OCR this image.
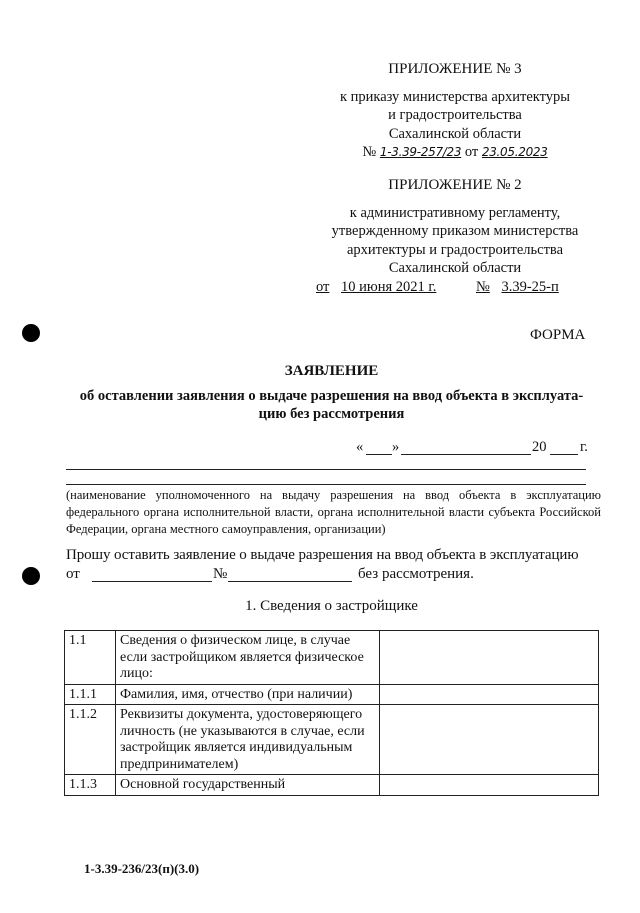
ПРИЛОЖЕНИЕ № 3
к приказу министерства архитектуры
и градостроительства
Сахалинской области
№ 1-3.39-257/23 от 23.05.2023
ПРИЛОЖЕНИЕ № 2
к административному регламенту,
утвержденному приказом министерства
архитектуры и градостроительства
Сахалинской области
от 10 июня 2021 г.	№ 3.39-25-п
ФОРМА
ЗАЯВЛЕНИЕ
об оставлении заявления о выдаче разрешения на ввод объекта в эксплуата-
цию без рассмотрения
« »	20 г.
(наименование уполномоченного на выдачу разрешения на ввод объекта в эксплуатацию федерального органа исполнительной власти, органа исполнительной власти субъекта Российской Федерации, органа местного самоуправления, организации)
Прошу оставить заявление о выдаче разрешения на ввод объекта в эксплуатацию
от	№	без рассмотрения.
1. Сведения о застройщике
1.1	Сведения о физическом лице, в случае если застройщиком является физическое лицо:	
1.1.1	Фамилия, имя, отчество (при наличии)	
1.1.2	Реквизиты документа, удостоверяющего личность (не указываются в случае, если застройщик является индивидуальным предпринимателем)	
1.1.3	Основной государственный	
1-3.39-236/23(п)(3.0)
